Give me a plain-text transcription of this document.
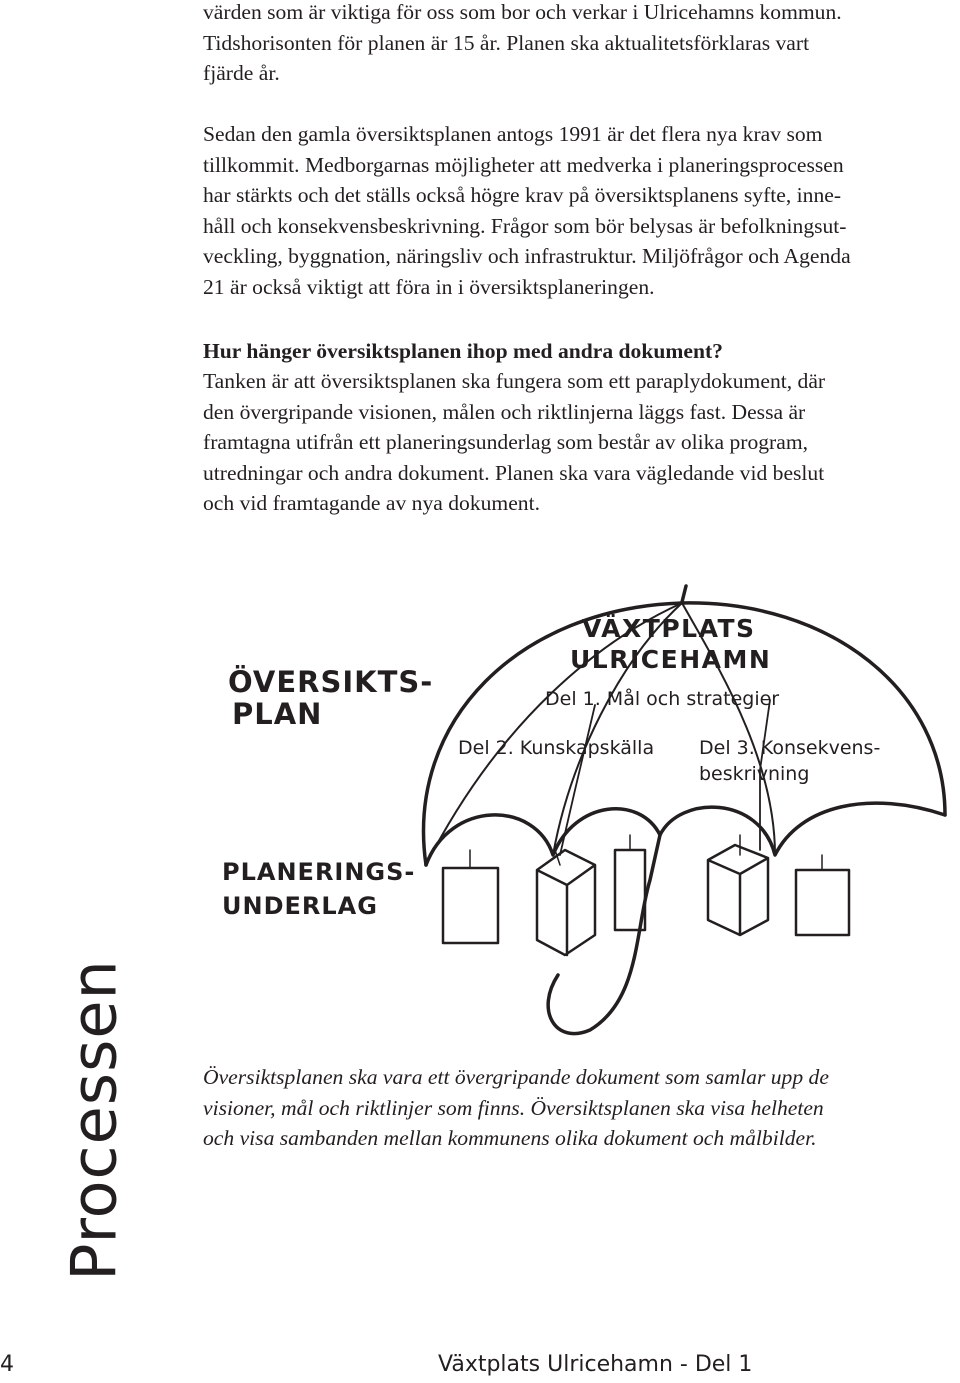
värden som är viktiga för oss som bor och verkar i Ulricehamns kommun.
Tidshorisonten för planen är 15 år. Planen ska aktualitetsförklaras vart
fjärde år.
Sedan den gamla översiktsplanen antogs 1991 är det flera nya krav som
tillkommit. Medborgarnas möjligheter att medverka i planeringsprocessen
har stärkts och det ställs också högre krav på översiktsplanens syfte, inne-
håll och konsekvensbeskrivning. Frågor som bör belysas är befolkningsut-
veckling, byggnation, näringsliv och infrastruktur. Miljöfrågor och Agenda
21 är också viktigt att föra in i översiktsplaneringen.
Hur hänger översiktsplanen ihop med andra dokument?
Tanken är att översiktsplanen ska fungera som ett paraplydokument, där
den övergripande visionen, målen och riktlinjerna läggs fast. Dessa är
framtagna utifrån ett planeringsunderlag som består av olika program,
utredningar och andra dokument. Planen ska vara vägledande vid beslut
och vid framtagande av nya dokument.
VÄXTPLATS
ULRICEHAMN
ÖVERSIKTS-
PLAN
PLANERINGS-
UNDERLAG
Del 1. Mål och strategier
Del 2. Kunskapskälla Del 3. Konsekvens-
beskrivning
Processen	Översiktsplanen ska vara ett övergripande dokument som samlar upp de
visioner, mål och riktlinjer som finns. Översiktsplanen ska visa helheten
och visa sambanden mellan kommunens olika dokument och målbilder.
4	Växtplats Ulricehamn - Del 1
